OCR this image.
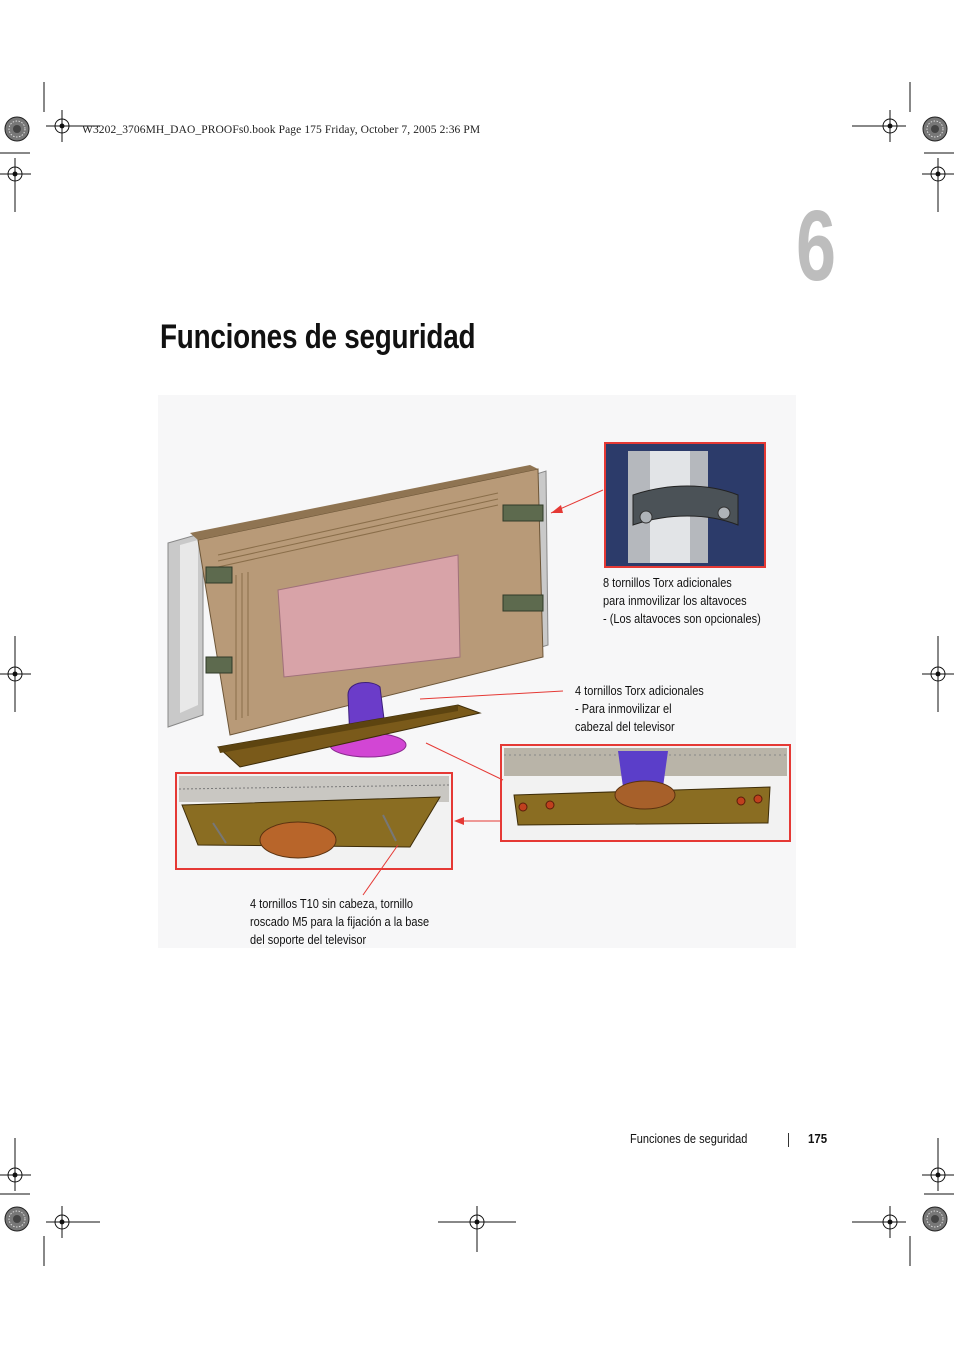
W3202_3706MH_DAO_PROOFs0.book Page 175 Friday, October 7, 2005 2:36 PM
6
Funciones de seguridad
8 tornillos Torx adicionales
para inmovilizar los altavoces
- (Los altavoces son opcionales)
4 tornillos Torx adicionales
- Para inmovilizar el
cabezal del televisor
4 tornillos T10 sin cabeza, tornillo
roscado M5 para la fijación a la base
del soporte del televisor
Funciones de seguridad	175
